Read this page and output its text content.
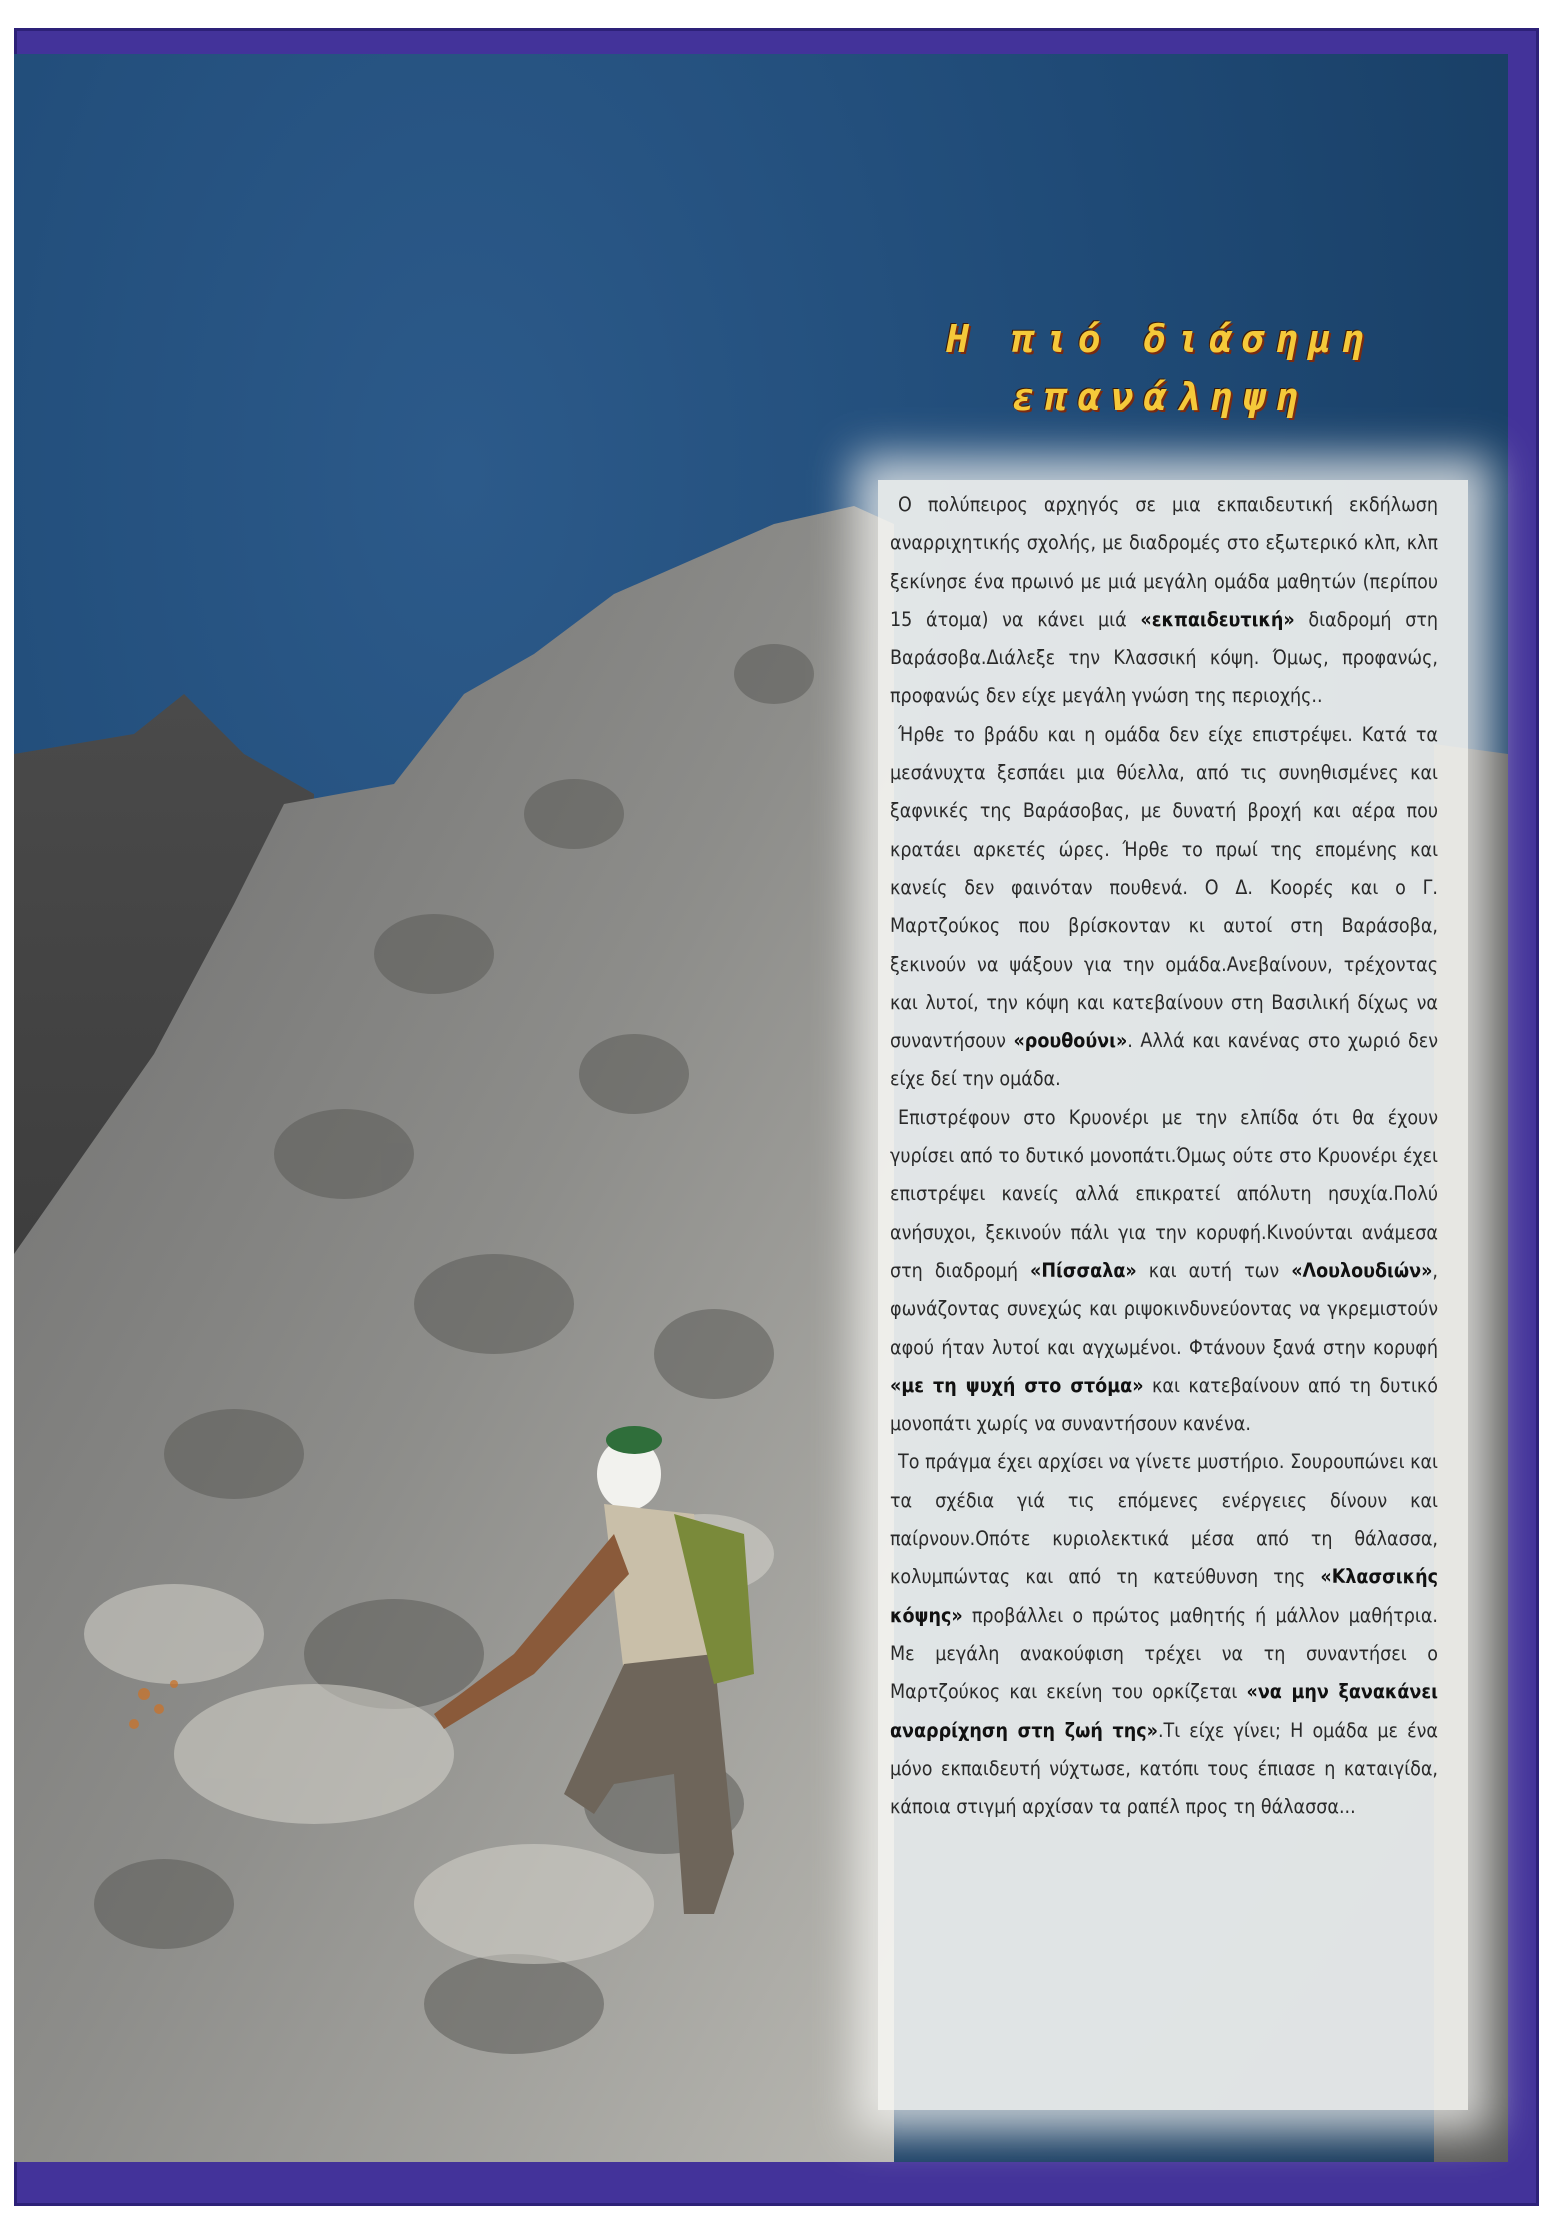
Η πιό διάσημη
επανάληψη

Ο πολύπειρος αρχηγός σε μια εκπαιδευτική εκδήλωση αναρριχητικής σχολής, με διαδρομές στο εξωτερικό κλπ, κλπ ξεκίνησε ένα πρωινό με μιά μεγάλη ομάδα μαθητών (περίπου 15 άτομα) να κάνει μιά «εκπαιδευτική» διαδρομή στη Βαράσοβα.Διάλεξε την Κλασσική κόψη. Όμως, προφανώς, προφανώς δεν είχε μεγάλη γνώση της περιοχής..

Ήρθε το βράδυ και η ομάδα δεν είχε επιστρέψει. Κατά τα μεσάνυχτα ξεσπάει μια θύελλα, από τις συνηθισμένες και ξαφνικές της Βαράσοβας, με δυνατή βροχή και αέρα που κρατάει αρκετές ώρες. Ήρθε το πρωί της επομένης και κανείς δεν φαινόταν πουθενά. Ο Δ. Κοορές και ο Γ. Μαρτζούκος που βρίσκονταν κι αυτοί στη Βαράσοβα, ξεκινούν να ψάξουν για την ομάδα.Ανεβαίνουν, τρέχοντας και λυτοί, την κόψη και κατεβαίνουν στη Βασιλική δίχως να συναντήσουν «ρουθούνι». Αλλά και κανένας στο χωριό δεν είχε δεί την ομάδα.

Επιστρέφουν στο Κρυονέρι με την ελπίδα ότι θα έχουν γυρίσει από το δυτικό μονοπάτι.Όμως ούτε στο Κρυονέρι έχει επιστρέψει κανείς αλλά επικρατεί απόλυτη ησυχία.Πολύ ανήσυχοι, ξεκινούν πάλι για την κορυφή.Κινούνται ανάμεσα στη διαδρομή «Πίσσαλα» και αυτή των «Λουλουδιών», φωνάζοντας συνεχώς και ριψοκινδυνεύοντας να γκρεμιστούν αφού ήταν λυτοί και αγχωμένοι. Φτάνουν ξανά στην κορυφή «με τη ψυχή στο στόμα» και κατεβαίνουν από τη δυτικό μονοπάτι χωρίς να συναντήσουν κανένα.

Το πράγμα έχει αρχίσει να γίνετε μυστήριο. Σουρουπώνει και τα σχέδια γιά τις επόμενες ενέργειες δίνουν και παίρνουν.Οπότε κυριολεκτικά μέσα από τη θάλασσα, κολυμπώντας και από τη κατεύθυνση της «Κλασσικής κόψης» προβάλλει ο πρώτος μαθητής ή μάλλον μαθήτρια. Με μεγάλη ανακούφιση τρέχει να τη συναντήσει ο Μαρτζούκος και εκείνη του ορκίζεται «να μην ξανακάνει αναρρίχηση στη ζωή της».Τι είχε γίνει; Η ομάδα με ένα μόνο εκπαιδευτή νύχτωσε, κατόπι τους έπιασε η καταιγίδα, κάποια στιγμή αρχίσαν τα ραπέλ προς τη θάλασσα...
